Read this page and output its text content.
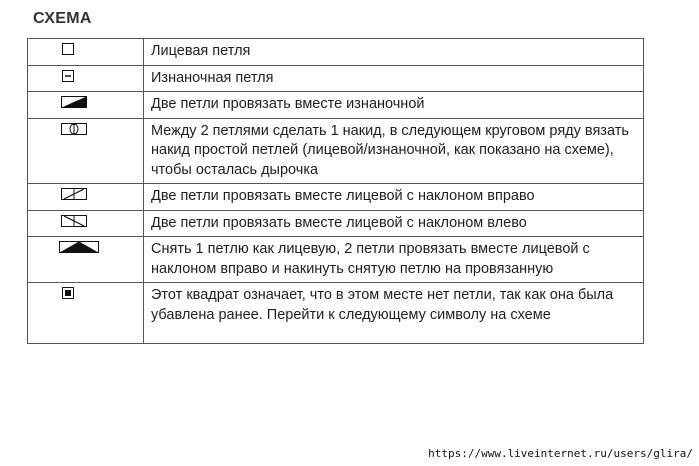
СХЕМА
	Лицевая петля

	Изнаночная петля

	Две петли провязать вместе изнаночной

	Между 2 петлями сделать 1 накид, в следующем круговом ряду вязать накид простой петлей (лицевой/изнаночной, как показано на схеме), чтобы осталась дырочка

	Две петли провязать вместе лицевой с наклоном вправо

	Две петли провязать вместе лицевой с наклоном влево

	Снять 1 петлю как лицевую, 2 петли провязать вместе лицевой с наклоном вправо и накинуть снятую петлю на провязанную

	Этот квадрат означает, что в этом месте нет петли, так как она была убавлена ранее. Перейти к следующему символу на схеме
https://www.liveinternet.ru/users/glira/
